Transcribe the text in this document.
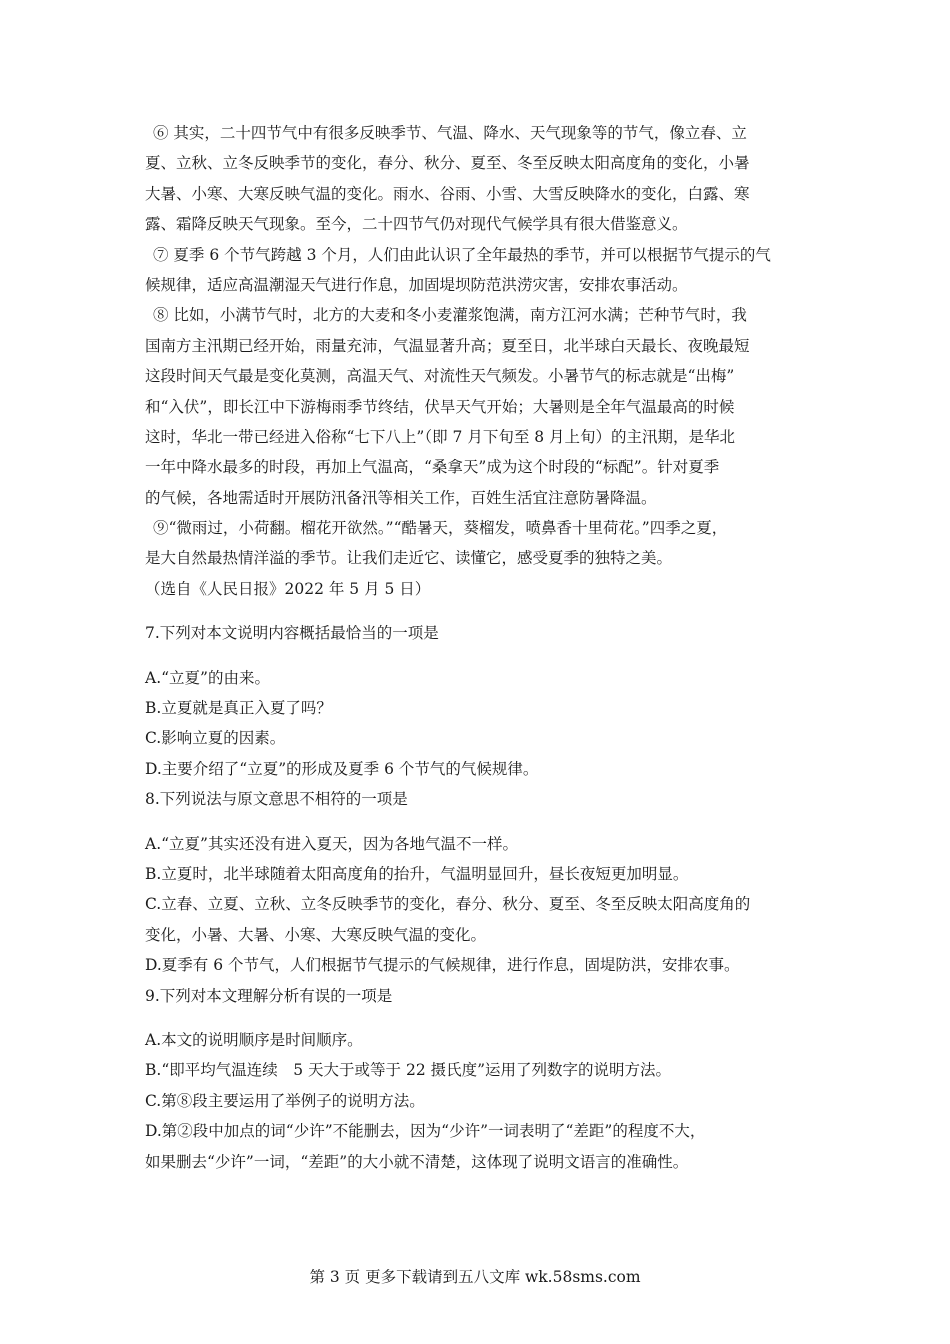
⑥ 其实，二十四节气中有很多反映季节、气温、降水、天气现象等的节气，像立春、立
夏、立秋、立冬反映季节的变化，春分、秋分、夏至、冬至反映太阳高度角的变化，小暑
大暑、小寒、大寒反映气温的变化。雨水、谷雨、小雪、大雪反映降水的变化，白露、寒
露、霜降反映天气现象。至今，二十四节气仍对现代气候学具有很大借鉴意义。
⑦ 夏季 6 个节气跨越 3 个月，人们由此认识了全年最热的季节，并可以根据节气提示的气
候规律，适应高温潮湿天气进行作息，加固堤坝防范洪涝灾害，安排农事活动。
⑧ 比如，小满节气时，北方的大麦和冬小麦灌浆饱满，南方江河水满；芒种节气时，我
国南方主汛期已经开始，雨量充沛，气温显著升高；夏至日，北半球白天最长、夜晚最短
这段时间天气最是变化莫测，高温天气、对流性天气频发。小暑节气的标志就是“出梅”
和“入伏”，即长江中下游梅雨季节终结，伏旱天气开始；大暑则是全年气温最高的时候
这时，华北一带已经进入俗称“七下八上”（即 7 月下旬至 8 月上旬）的主汛期，是华北
一年中降水最多的时段，再加上气温高，“桑拿天”成为这个时段的“标配”。针对夏季
的气候，各地需适时开展防汛备汛等相关工作，百姓生活宜注意防暑降温。
⑨“微雨过，小荷翻。榴花开欲然。”“酷暑天，葵榴发，喷鼻香十里荷花。”四季之夏，
是大自然最热情洋溢的季节。让我们走近它、读懂它，感受夏季的独特之美。
（选自《人民日报》2022 年 5 月 5 日）
7.下列对本文说明内容概括最恰当的一项是
A.“立夏”的由来。
B.立夏就是真正入夏了吗？
C.影响立夏的因素。
D.主要介绍了“立夏”的形成及夏季 6 个节气的气候规律。
8.下列说法与原文意思不相符的一项是
A.“立夏”其实还没有进入夏天，因为各地气温不一样。
B.立夏时，北半球随着太阳高度角的抬升，气温明显回升，昼长夜短更加明显。
C.立春、立夏、立秋、立冬反映季节的变化，春分、秋分、夏至、冬至反映太阳高度角的
变化，小暑、大暑、小寒、大寒反映气温的变化。
D.夏季有 6 个节气，人们根据节气提示的气候规律，进行作息，固堤防洪，安排农事。
9.下列对本文理解分析有误的一项是
A.本文的说明顺序是时间顺序。
B.“即平均气温连续　5 天大于或等于 22 摄氏度”运用了列数字的说明方法。
C.第⑧段主要运用了举例子的说明方法。
D.第②段中加点的词“少许”不能删去，因为“少许”一词表明了“差距”的程度不大，
如果删去“少许”一词，“差距”的大小就不清楚，这体现了说明文语言的准确性。
第 3 页 更多下载请到五八文库 wk.58sms.com
